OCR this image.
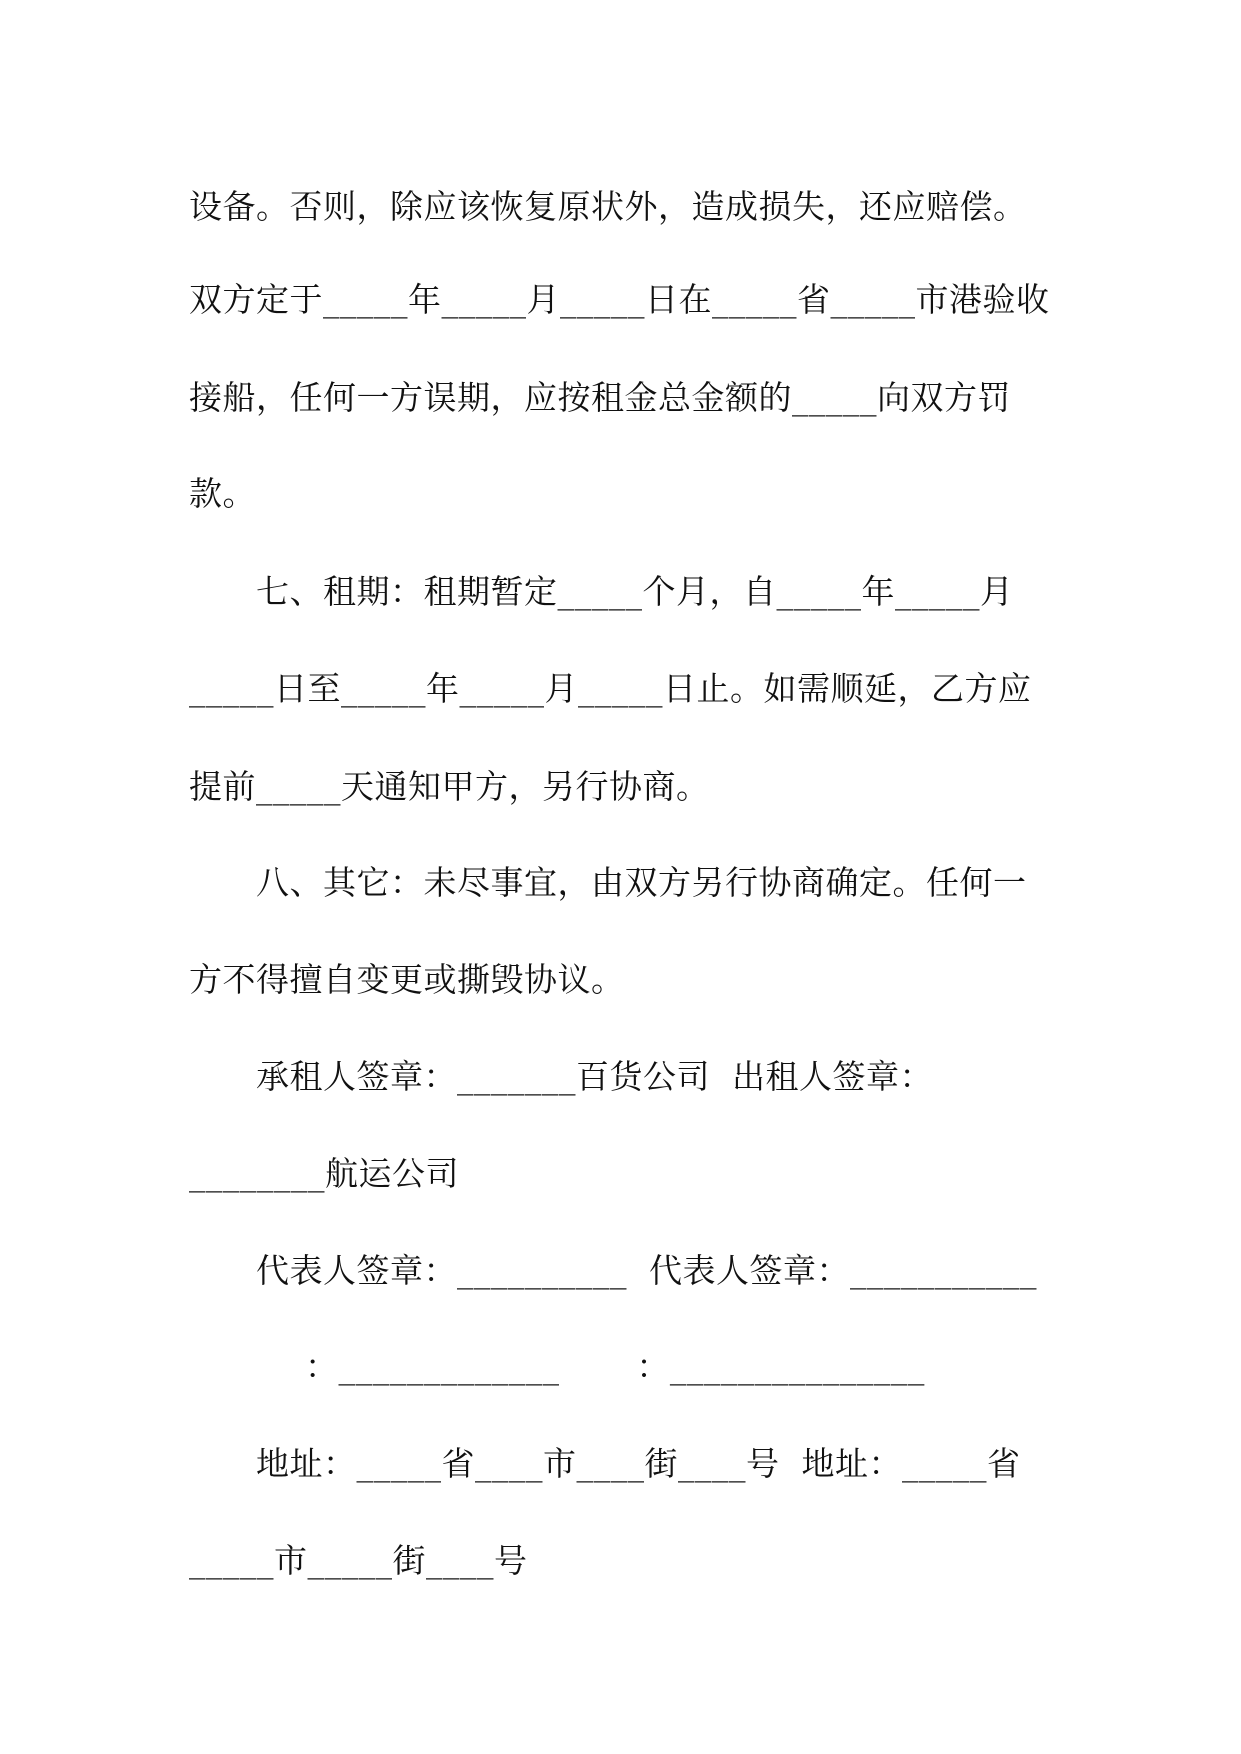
设备。否则，除应该恢复原状外，造成损失，还应赔偿。
双方定于_____年_____月_____日在_____省_____市港验收
接船，任何一方误期，应按租金总金额的_____向双方罚
款。
七、租期：租期暂定_____个月，自_____年_____月
_____日至_____年_____月_____日止。如需顺延，乙方应
提前_____天通知甲方，另行协商。
八、其它：未尽事宜，由双方另行协商确定。任何一
方不得擅自变更或撕毁协议。
承租人签章：_______百货公司  出租人签章：
________航运公司
代表人签章：__________  代表人签章：___________
：_____________       ：_______________
地址：_____省____市____街____号  地址：_____省
_____市_____街____号
